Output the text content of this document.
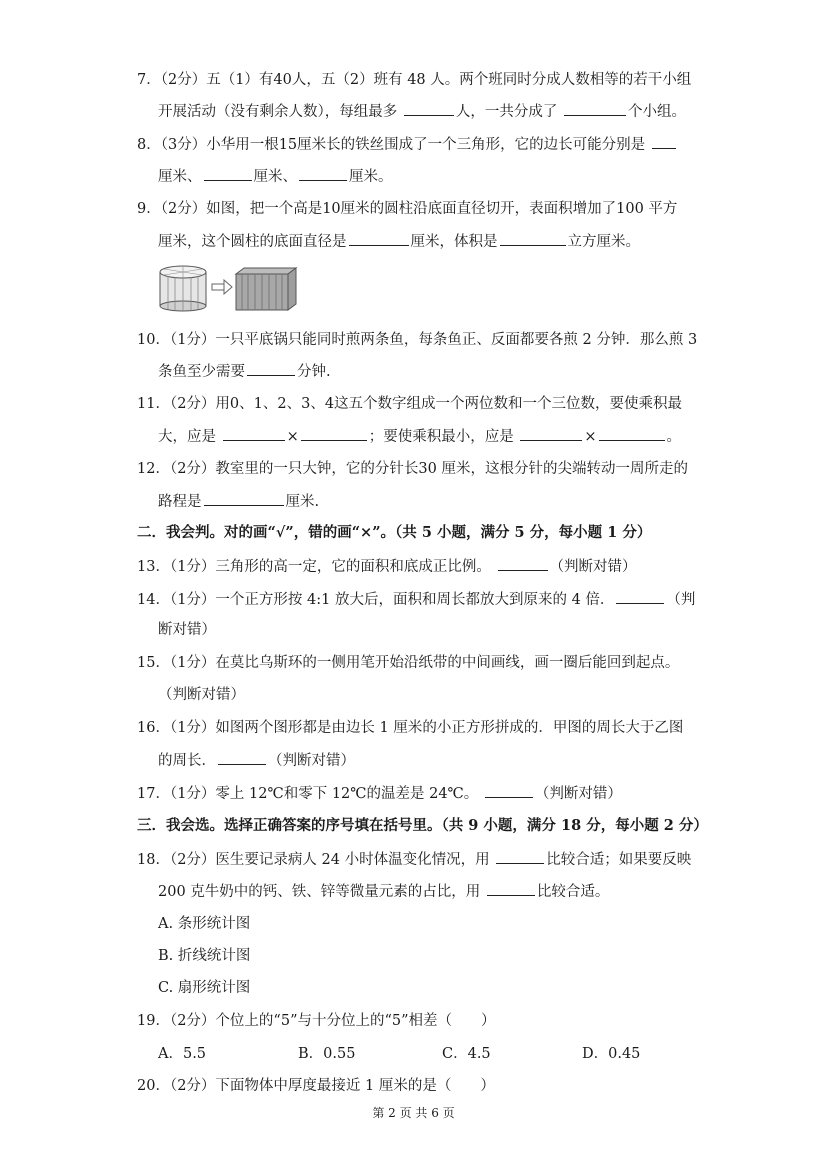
7．（2分）五（1）有40人，五（2）班有 48 人。两个班同时分成人数相等的若干小组
开展活动（没有剩余人数），每组最多	人，一共分成了	个小组。
8．（3分）小华用一根15厘米长的铁丝围成了一个三角形，它的边长可能分别是
厘米、	厘米、	厘米。
9．（2分）如图，把一个高是10厘米的圆柱沿底面直径切开，表面积增加了100 平方
厘米，这个圆柱的底面直径是	厘米，体积是	立方厘米。
10．（1分）一只平底锅只能同时煎两条鱼，每条鱼正、反面都要各煎 2 分钟．那么煎 3
条鱼至少需要	分钟.
11．（2分）用0、1、2、3、4这五个数字组成一个两位数和一个三位数，要使乘积最
大，应是	×	；要使乘积最小，应是	×	。
12．（2分）教室里的一只大钟，它的分针长30 厘米，这根分针的尖端转动一周所走的
路程是	厘米.
二．我会判。对的画“√”，错的画“×”。（共 5 小题，满分 5 分，每小题 1 分）
13．（1分）三角形的高一定，它的面积和底成正比例。	（判断对错）
14．（1分）一个正方形按 4:1 放大后，面积和周长都放大到原来的 4 倍．	（判
断对错）
15．（1分）在莫比乌斯环的一侧用笔开始沿纸带的中间画线，画一圈后能回到起点。
（判断对错）
16．（1分）如图两个图形都是由边长 1 厘米的小正方形拼成的．甲图的周长大于乙图
的周长．	（判断对错）
17．（1分）零上 12℃和零下 12℃的温差是 24℃。	（判断对错）
三．我会选。选择正确答案的序号填在括号里。（共 9 小题，满分 18 分，每小题 2 分）
18．（2分）医生要记录病人 24 小时体温变化情况，用	比较合适；如果要反映
200 克牛奶中的钙、铁、锌等微量元素的占比，用	比较合适。
A. 条形统计图
B. 折线统计图
C. 扇形统计图
19．（2分）个位上的“5”与十分位上的“5”相差（　　）
A．5.5	B．0.55	C．4.5	D．0.45
20．（2分）下面物体中厚度最接近 1 厘米的是（　　）
第 2 页 共 6 页
